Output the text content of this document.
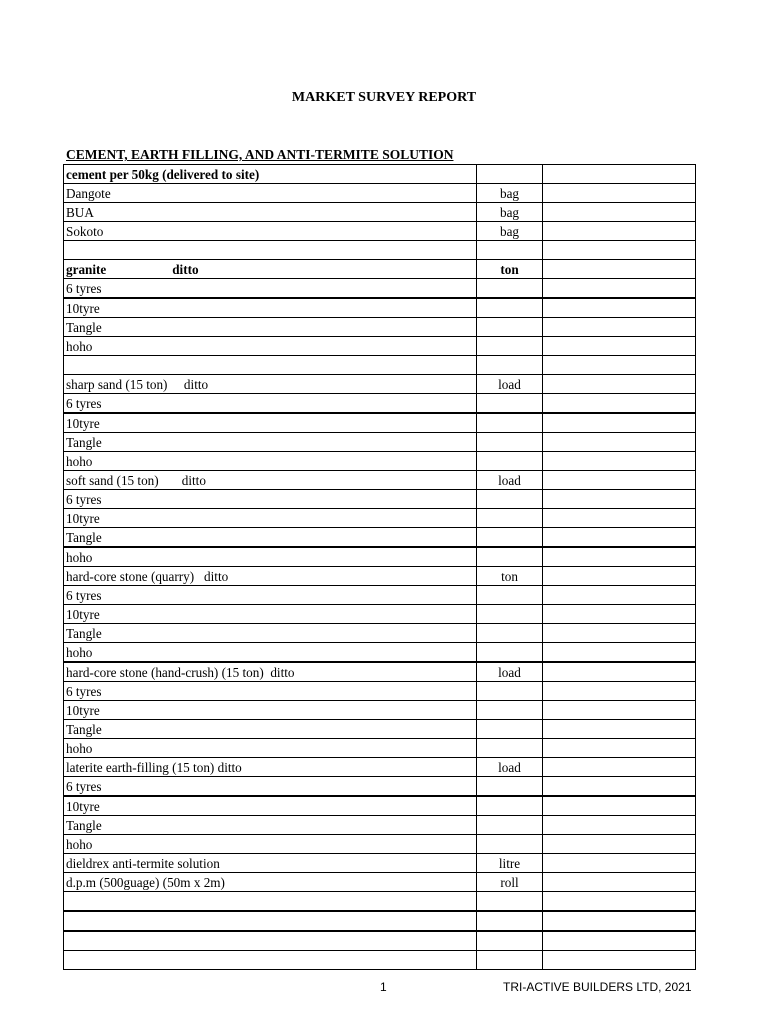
MARKET SURVEY REPORT
CEMENT, EARTH FILLING, AND ANTI-TERMITE SOLUTION
cement per 50kg (delivered to site)		
Dangote	bag	
BUA	bag	
Sokoto	bag	

granite                    ditto	ton	
6 tyres		
10tyre		
Tangle		
hoho		

sharp sand (15 ton)     ditto	load	
6 tyres		
10tyre		
Tangle		
hoho		
soft sand (15 ton)       ditto	load	
6 tyres		
10tyre		
Tangle		
hoho		
hard-core stone (quarry)   ditto	ton	
6 tyres		
10tyre		
Tangle		
hoho		
hard-core stone (hand-crush) (15 ton)  ditto	load	
6 tyres		
10tyre		
Tangle		
hoho		
laterite earth-filling (15 ton) ditto	load	
6 tyres		
10tyre		
Tangle		
hoho		
dieldrex anti-termite solution	litre	
d.p.m (500guage) (50m x 2m)	roll	

1	TRI-ACTIVE BUILDERS LTD, 2021
